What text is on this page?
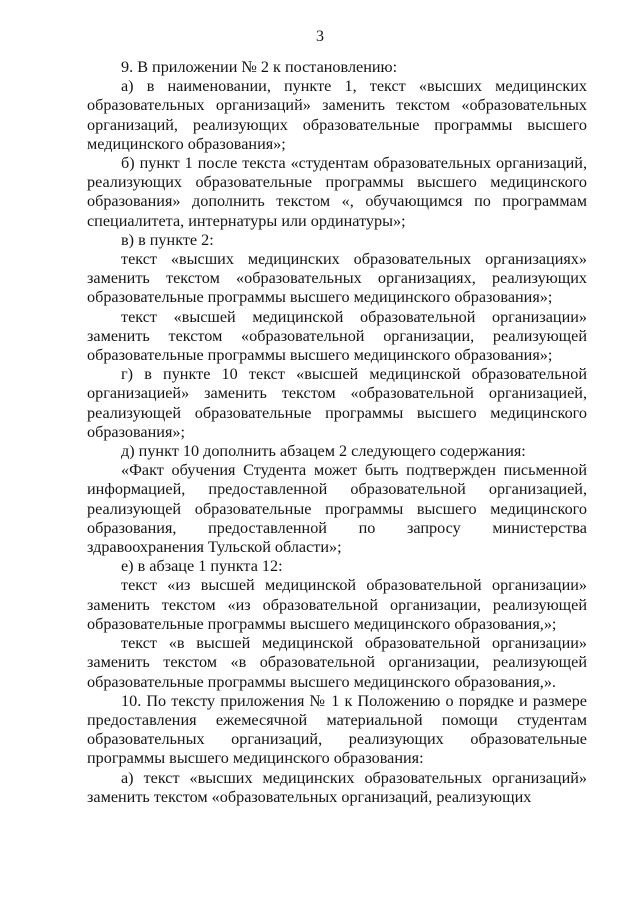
3

9. В приложении № 2 к постановлению:

а) в наименовании, пункте 1, текст «высших медицинских образовательных организаций» заменить текстом «образовательных организаций, реализующих образовательные программы высшего медицинского образования»;

б) пункт 1 после текста «студентам образовательных организаций, реализующих образовательные программы высшего медицинского образования» дополнить текстом «, обучающимся по программам специалитета, интернатуры или ординатуры»;

в) в пункте 2:

текст «высших медицинских образовательных организациях» заменить текстом «образовательных организациях, реализующих образовательные программы высшего медицинского образования»;

текст «высшей медицинской образовательной организации» заменить текстом «образовательной организации, реализующей образовательные программы высшего медицинского образования»;

г) в пункте 10 текст «высшей медицинской образовательной организацией» заменить текстом «образовательной организацией, реализующей образовательные программы высшего медицинского образования»;

д) пункт 10 дополнить абзацем 2 следующего содержания:

«Факт обучения Студента может быть подтвержден письменной информацией, предоставленной образовательной организацией, реализующей образовательные программы высшего медицинского образования, предоставленной по запросу министерства здравоохранения Тульской области»;

е) в абзаце 1 пункта 12:

текст «из высшей медицинской образовательной организации» заменить текстом «из образовательной организации, реализующей образовательные программы высшего медицинского образования,»;

текст «в высшей медицинской образовательной организации» заменить текстом «в образовательной организации, реализующей образовательные программы высшего медицинского образования,».

10. По тексту приложения № 1 к Положению о порядке и размере предоставления ежемесячной материальной помощи студентам образовательных организаций, реализующих образовательные программы высшего медицинского образования:

а) текст «высших медицинских образовательных организаций» заменить текстом «образовательных организаций, реализующих
